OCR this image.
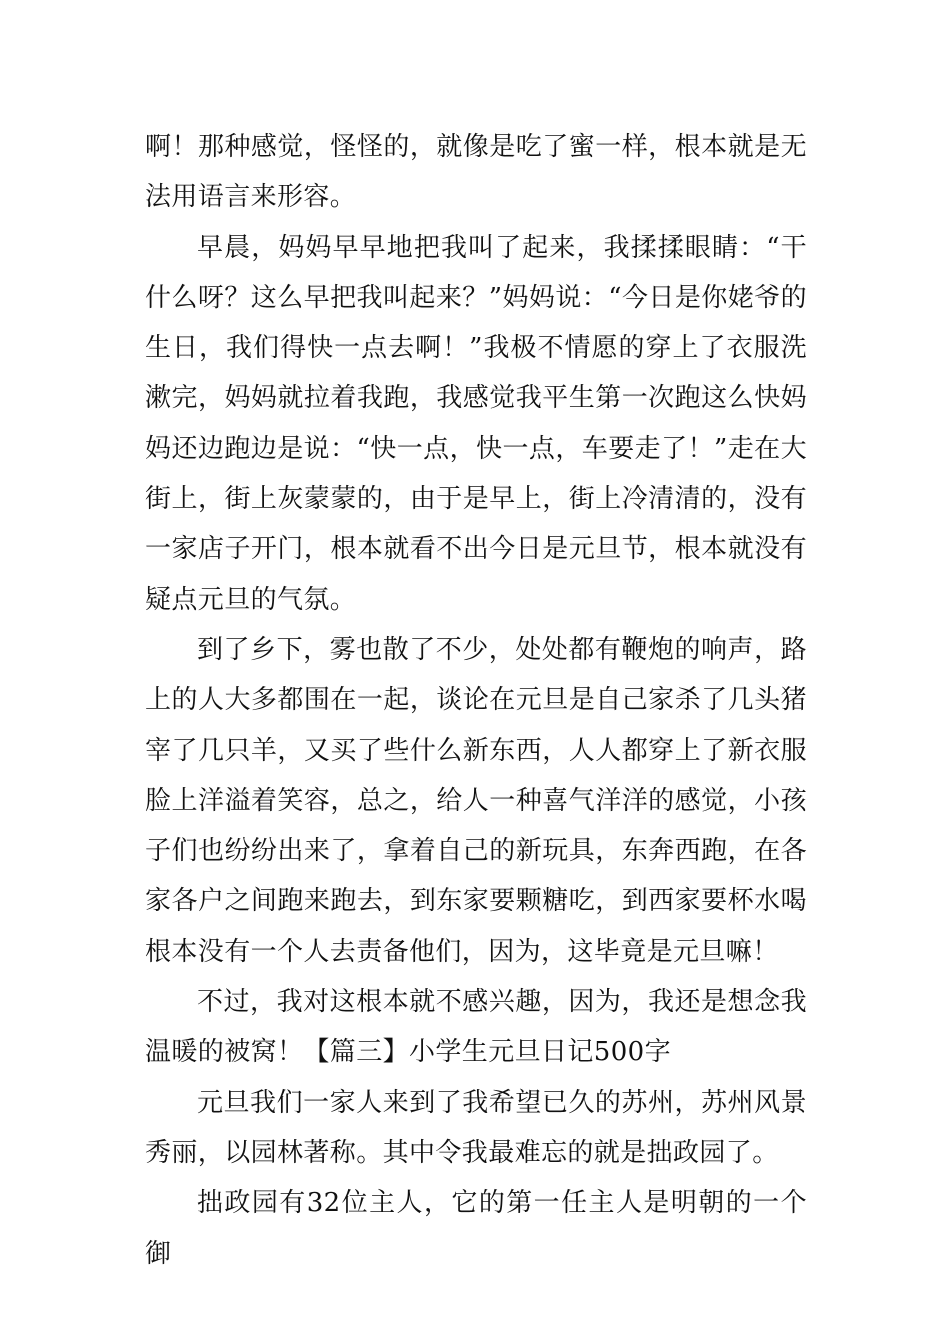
啊！那种感觉，怪怪的，就像是吃了蜜一样，根本就是无法用语言来形容。

早晨，妈妈早早地把我叫了起来，我揉揉眼睛：“干什么呀？这么早把我叫起来？”妈妈说：“今日是你姥爷的生日，我们得快一点去啊！”我极不情愿的穿上了衣服洗漱完，妈妈就拉着我跑，我感觉我平生第一次跑这么快妈妈还边跑边是说：“快一点，快一点，车要走了！”走在大街上，街上灰蒙蒙的，由于是早上，街上冷清清的，没有一家店子开门，根本就看不出今日是元旦节，根本就没有疑点元旦的气氛。

到了乡下，雾也散了不少，处处都有鞭炮的响声，路上的人大多都围在一起，谈论在元旦是自己家杀了几头猪宰了几只羊，又买了些什么新东西，人人都穿上了新衣服脸上洋溢着笑容，总之，给人一种喜气洋洋的感觉，小孩子们也纷纷出来了，拿着自己的新玩具，东奔西跑，在各家各户之间跑来跑去，到东家要颗糖吃，到西家要杯水喝根本没有一个人去责备他们，因为，这毕竟是元旦嘛！

不过，我对这根本就不感兴趣，因为，我还是想念我温暖的被窝！【篇三】小学生元旦日记500字

元旦我们一家人来到了我希望已久的苏州，苏州风景秀丽，以园林著称。其中令我最难忘的就是拙政园了。

拙政园有32位主人，它的第一任主人是明朝的一个御
